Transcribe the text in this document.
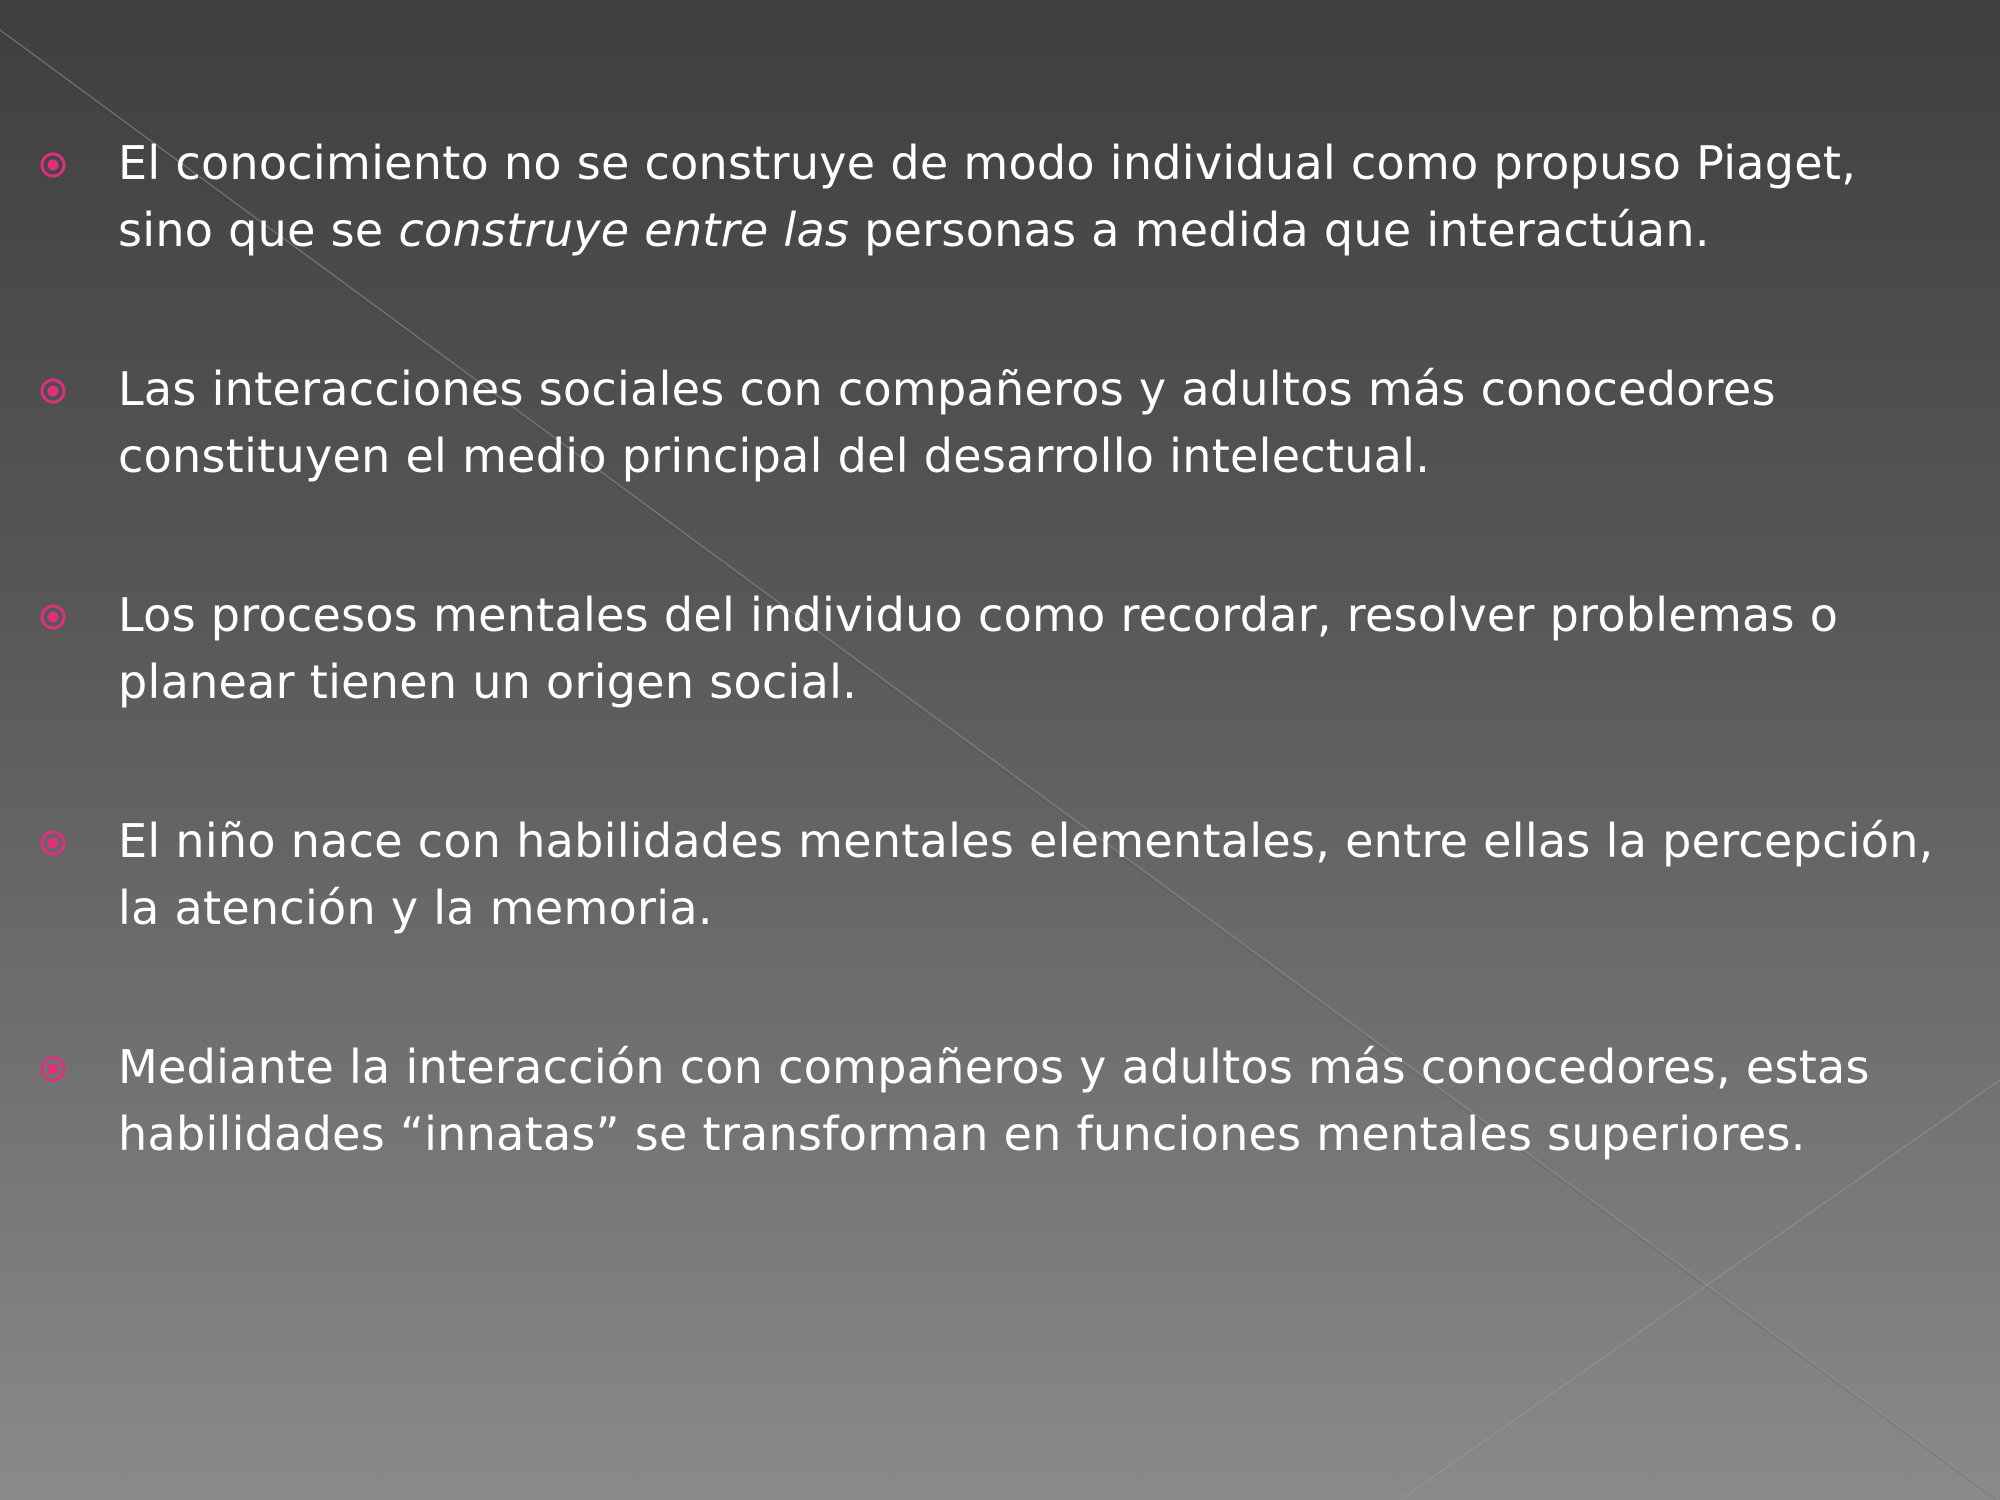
El conocimiento no se construye de modo individual como propuso Piaget, sino que se construye entre las personas a medida que interactúan.
Las interacciones sociales con compañeros y adultos más conocedores constituyen el medio principal del desarrollo intelectual.
Los procesos mentales del individuo como recordar, resolver problemas o planear tienen un origen social.
El niño nace con habilidades mentales elementales, entre ellas la percepción, la atención y la memoria.
Mediante la interacción con compañeros y adultos más conocedores, estas habilidades “innatas” se transforman en funciones mentales superiores.
